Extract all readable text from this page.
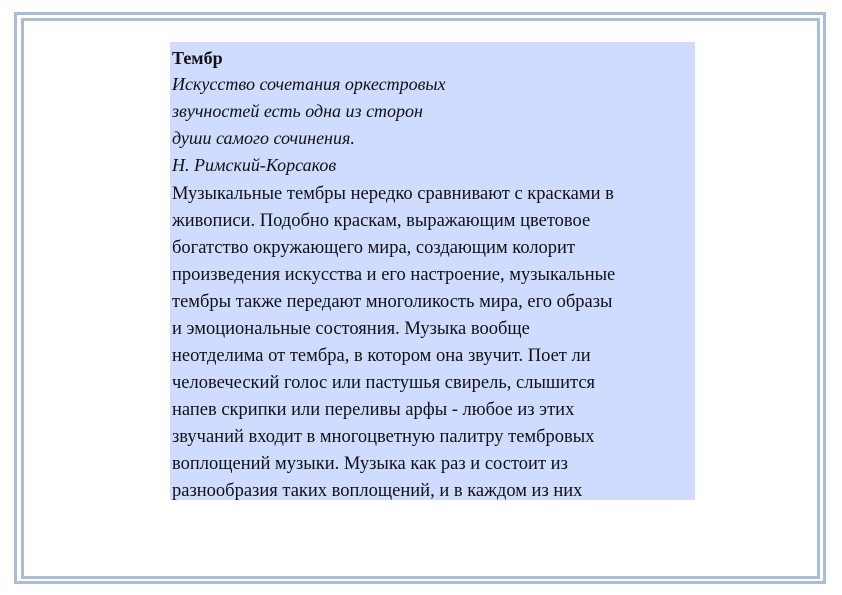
Тембр
Искусство сочетания оркестровых
звучностей есть одна из сторон
души самого сочинения.
Н. Римский-Корсаков
Музыкальные тембры нередко сравнивают с красками в
живописи. Подобно краскам, выражающим цветовое
богатство окружающего мира, создающим колорит
произведения искусства и его настроение, музыкальные
тембры также передают многоликость мира, его образы
и эмоциональные состояния. Музыка вообще
неотделима от тембра, в котором она звучит. Поет ли
человеческий голос или пастушья свирель, слышится
напев скрипки или переливы арфы - любое из этих
звучаний входит в многоцветную палитру тембровых
воплощений музыки. Музыка как раз и состоит из
разнообразия таких воплощений, и в каждом из них
